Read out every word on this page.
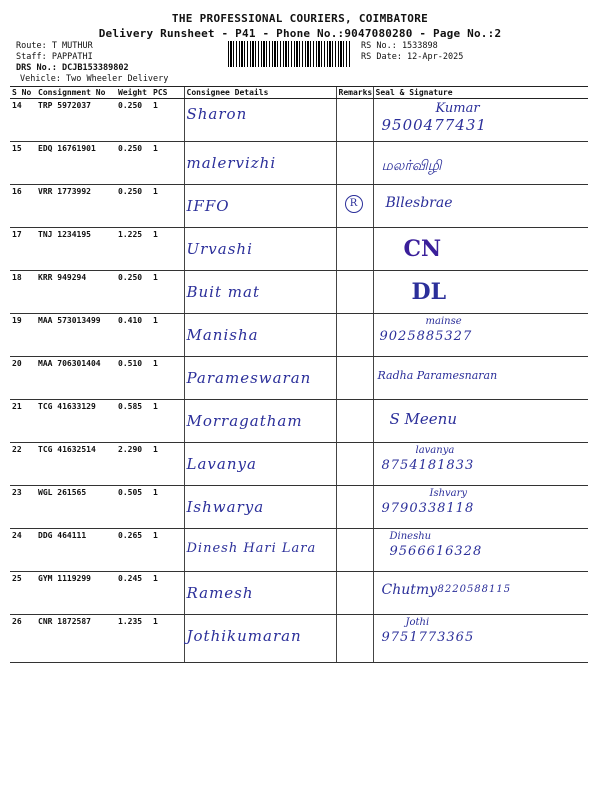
THE PROFESSIONAL COURIERS, COIMBATORE
Delivery Runsheet - P41 - Phone No.:9047080280 - Page No.:2
Route: T MUTHUR
Staff: PAPPATHI
DRS No.: DCJB153389802
Vehicle: Two Wheeler Delivery
RS No.: 1533898
RS Date: 12-Apr-2025
S No	Consignment No	Weight	PCS	Consignee Details	Remarks	Seal & Signature
14	TRP 5972037	0.250	1	Sharon		Kumar
9500477431

15	EDQ 16761901	0.250	1	malervizhi		மலர்விழி

16	VRR 1773992	0.250	1	IFFO	R	Bllesbrae

17	TNJ 1234195	1.225	1	Urvashi		CN

18	KRR 949294	0.250	1	Buit mat		DL

19	MAA 573013499	0.410	1	Manisha		mainse
9025885327

20	MAA 706301404	0.510	1	Parameswaran		Radha Paramesnaran

21	TCG 41633129	0.585	1	Morragatham		S Meenu

22	TCG 41632514	2.290	1	Lavanya		lavanya
8754181833

23	WGL 261565	0.505	1	Ishwarya		Ishvary
9790338118

24	DDG 464111	0.265	1	Dinesh Hari Lara		Dineshu
9566616328

25	GYM 1119299	0.245	1	Ramesh		Chutmy 8220588115

26	CNR 1872587	1.235	1	Jothikumaran		Jothi
9751773365
